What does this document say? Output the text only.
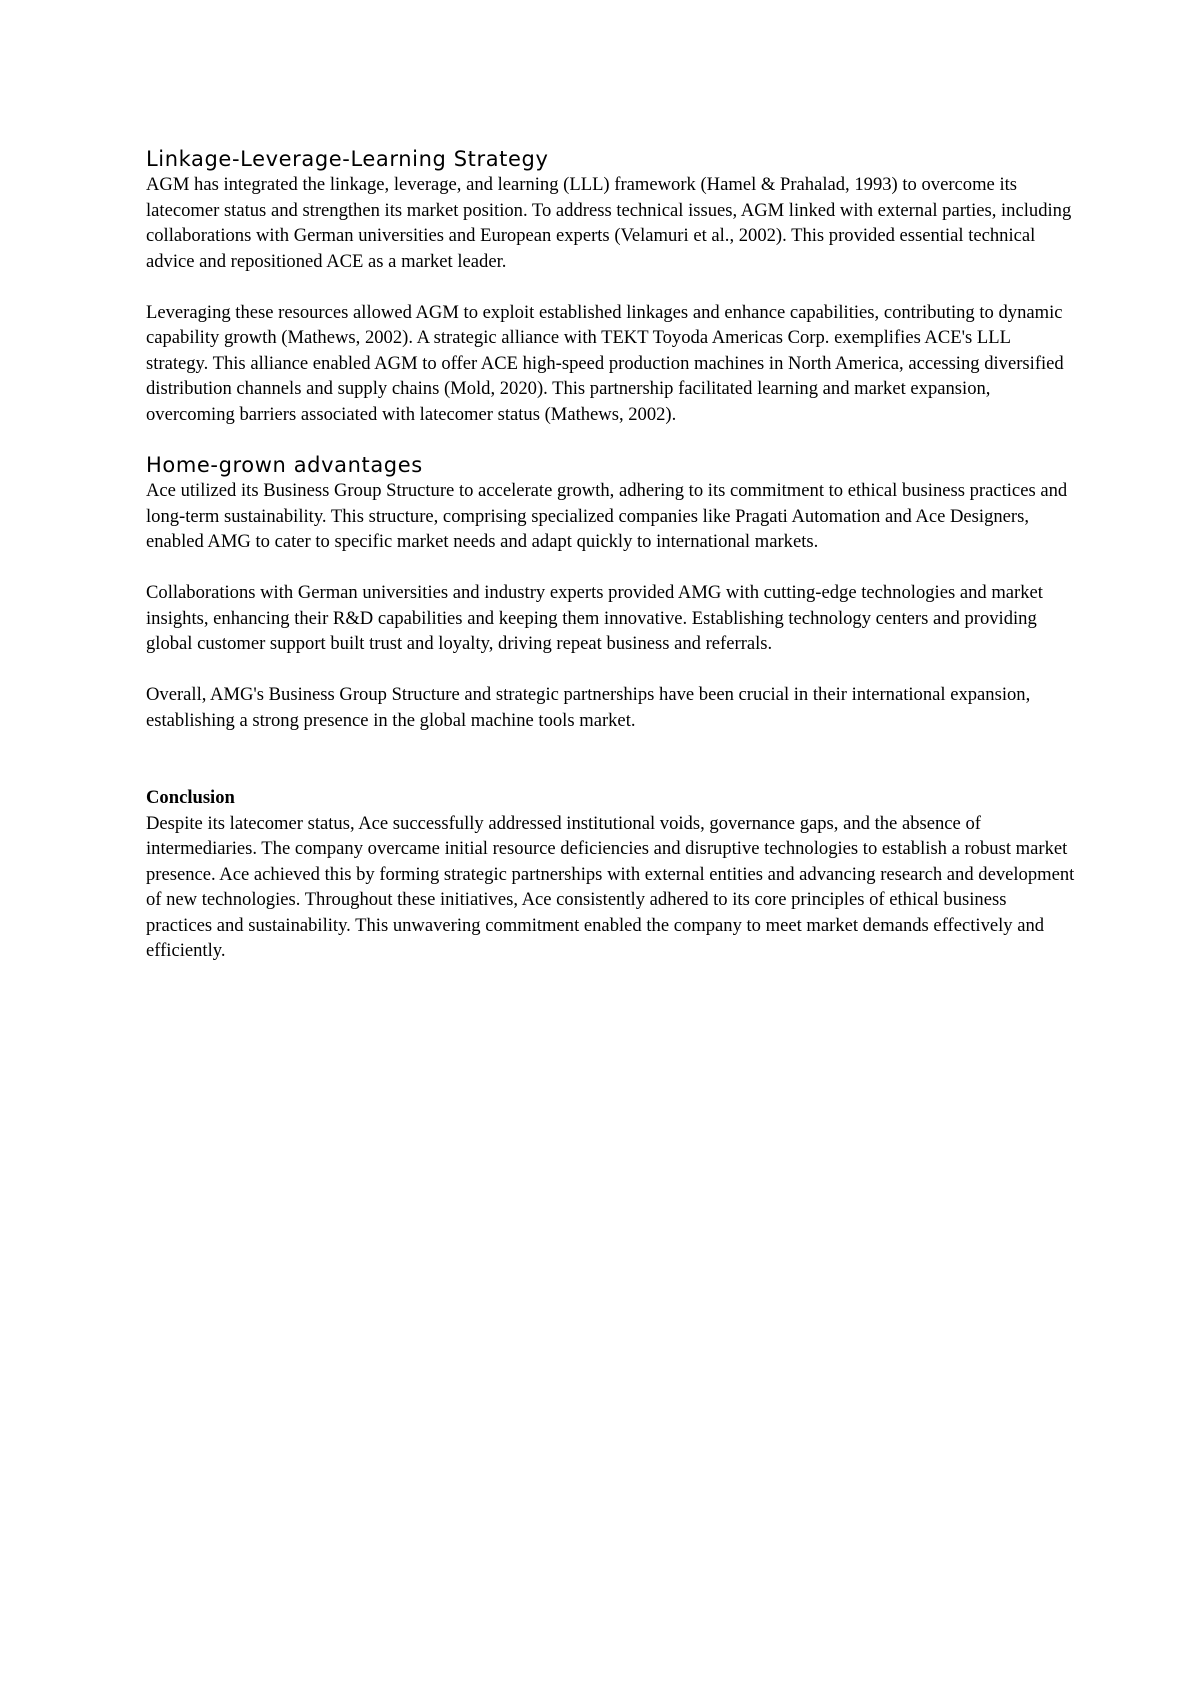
Linkage-Leverage-Learning Strategy

AGM has integrated the linkage, leverage, and learning (LLL) framework (Hamel & Prahalad, 1993) to overcome its latecomer status and strengthen its market position. To address technical issues, AGM linked with external parties, including collaborations with German universities and European experts (Velamuri et al., 2002). This provided essential technical advice and repositioned ACE as a market leader.

Leveraging these resources allowed AGM to exploit established linkages and enhance capabilities, contributing to dynamic capability growth (Mathews, 2002). A strategic alliance with TEKT Toyoda Americas Corp. exemplifies ACE's LLL strategy. This alliance enabled AGM to offer ACE high-speed production machines in North America, accessing diversified distribution channels and supply chains (Mold, 2020). This partnership facilitated learning and market expansion, overcoming barriers associated with latecomer status (Mathews, 2002).

Home-grown advantages

Ace utilized its Business Group Structure to accelerate growth, adhering to its commitment to ethical business practices and long-term sustainability. This structure, comprising specialized companies like Pragati Automation and Ace Designers, enabled AMG to cater to specific market needs and adapt quickly to international markets.

Collaborations with German universities and industry experts provided AMG with cutting-edge technologies and market insights, enhancing their R&D capabilities and keeping them innovative. Establishing technology centers and providing global customer support built trust and loyalty, driving repeat business and referrals.

Overall, AMG's Business Group Structure and strategic partnerships have been crucial in their international expansion, establishing a strong presence in the global machine tools market.

Conclusion

Despite its latecomer status, Ace successfully addressed institutional voids, governance gaps, and the absence of intermediaries. The company overcame initial resource deficiencies and disruptive technologies to establish a robust market presence. Ace achieved this by forming strategic partnerships with external entities and advancing research and development of new technologies. Throughout these initiatives, Ace consistently adhered to its core principles of ethical business practices and sustainability. This unwavering commitment enabled the company to meet market demands effectively and efficiently.
